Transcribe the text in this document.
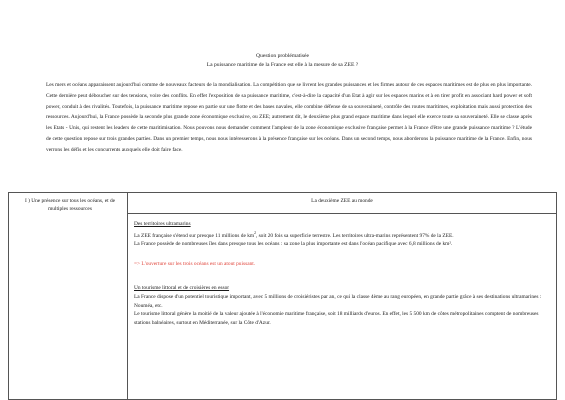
Question problématisée
La puissance maritime de la France est elle à la mesure de sa ZEE ?

Les mers et océans apparaissent aujourd'hui comme de nouveaux facteurs de la mondialisation. La compétition que se livrent les grandes puissances et les firmes autour de ces espaces maritimes est de plus en plus importante. Cette dernière peut déboucher sur des tensions, voire des conflits. En effet l'exposition de sa puissance maritime, c'est-à-dire la capacité d'un Etat à agir sur les espaces marins et à en tirer profit en associant hard power et soft power, conduit à des rivalités. Toutefois, la puissance maritime repose en partie sur une flotte et des bases navales, elle combine défense de sa souveraineté, contrôle des routes maritimes, exploitation mais aussi protection des ressources. Aujourd'hui, la France possède la seconde plus grande zone économique exclusive, ou ZEE; autrement dit, le deuxième plus grand espace maritime dans lequel elle exerce toute sa souveraineté. Elle se classe après les Etats - Unis, qui restent les leaders de cette maritimisation. Nous pouvons nous demander comment l'ampleur de la zone économique exclusive française permet à la France d'être une grande puissance maritime ? L'étude de cette question repose sur trois grandes parties. Dans un premier temps, nous nous intéresserons à la présence française sur les océans. Dans un second temps, nous aborderons la puissance maritime de la France. Enfin, nous verrons les défis et les concurrents auxquels elle doit faire face.

I ) Une présence sur tous les océans, et de multiples ressources

La deuxième ZEE au monde

Des territoires ultramarins
La ZEE française s'étend sur presque 11 millions de $km^2$, soit 20 fois sa superficie terrestre. Les territoires ultra-marins représentent 97% de la ZEE.
La France possède de nombreuses îles dans presque tous les océans : sa zone la plus importante est dans l'océan pacifique avec 6,8 millions de km².
=> L'ouverture sur les trois océans est un atout puissant.
Un tourisme littoral et de croisières en essor
La France dispose d'un potentiel touristique important, avec 5 millions de croisiéristes par an, ce qui la classe 4ème au rang européen, en grande partie grâce à ses destinations ultramarines : Nouméa, etc.
Le tourisme littoral génère la moitié de la valeur ajoutée à l'économie maritime française, soit 18 milliards d'euros. En effet, les 5 500 km de côtes métropolitaines comptent de nombreuses stations balnéaires, surtout en Méditerranée, sur la Côte d'Azur.
